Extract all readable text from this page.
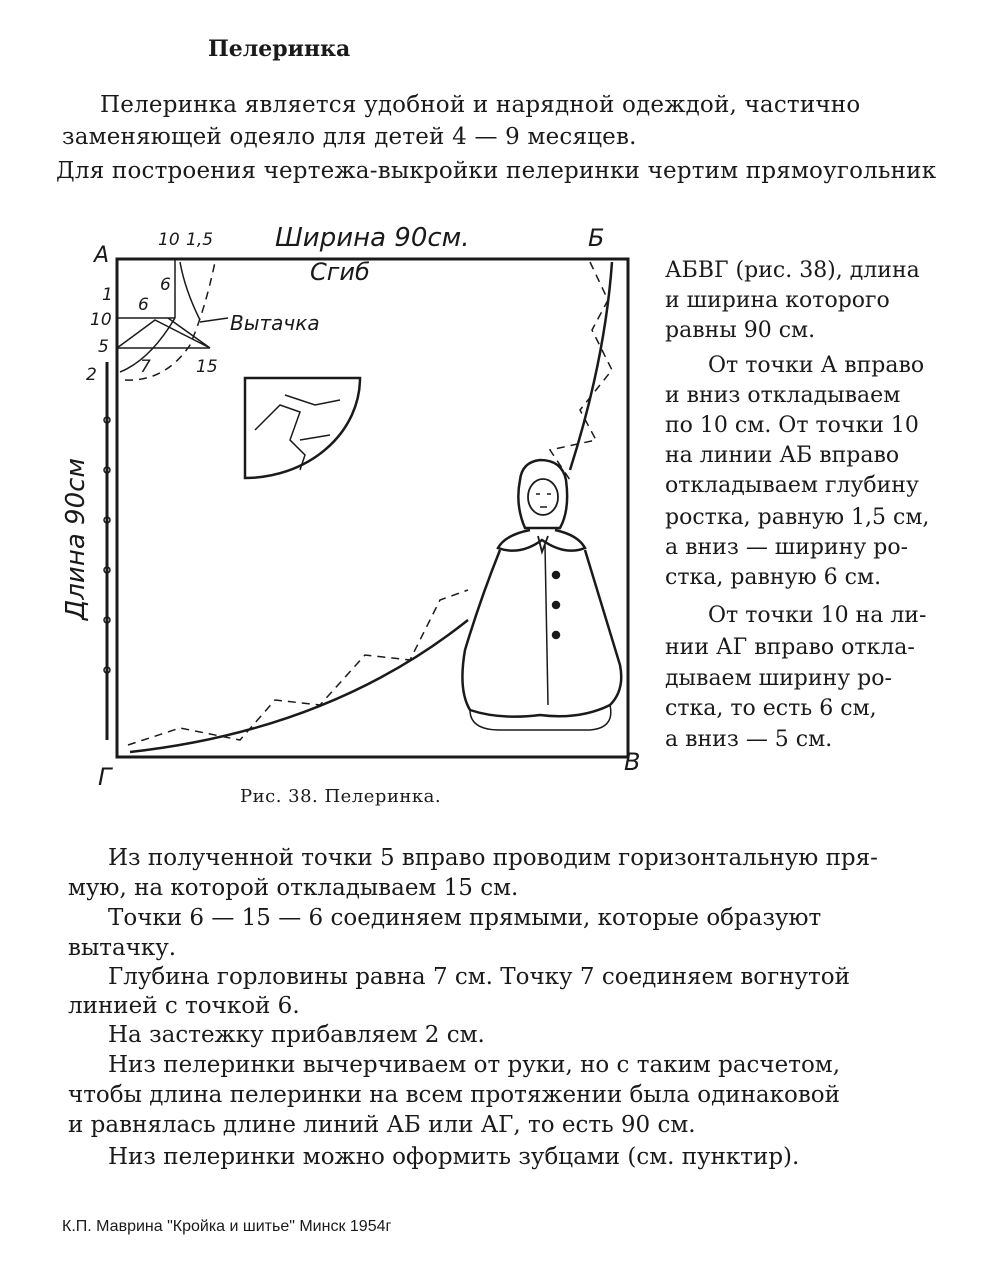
Пелеринка
Пелеринка является удобной и нарядной одеждой, частично
заменяющей одеяло для детей 4 — 9 месяцев.
Для построения чертежа-выкройки пелеринки чертим прямоугольник
Ширина 90см.
Сгиб
Длина 90см
Вытачка
А
Б
В
Г
10 1,5
6
1
10
6
5
2	7	15
Рис. 38. Пелеринка.
АБВГ (рис. 38), длина
и ширина которого
равны 90 см.
От точки А вправо
и вниз откладываем
по 10 см. От точки 10
на линии АБ вправо
откладываем глубину
ростка, равную 1,5 см,
а вниз — ширину ро-
стка, равную 6 см.
От точки 10 на ли-
нии АГ вправо откла-
дываем ширину ро-
стка, то есть 6 см,
а вниз — 5 см.
Из полученной точки 5 вправо проводим горизонтальную пря-
мую, на которой откладываем 15 см.
Точки 6 — 15 — 6 соединяем прямыми, которые образуют
вытачку.
Глубина горловины равна 7 см. Точку 7 соединяем вогнутой
линией с точкой 6.
На застежку прибавляем 2 см.
Низ пелеринки вычерчиваем от руки, но с таким расчетом,
чтобы длина пелеринки на всем протяжении была одинаковой
и равнялась длине линий АБ или АГ, то есть 90 см.
Низ пелеринки можно оформить зубцами (см. пунктир).
К.П. Маврина "Кройка и шитье" Минск 1954г
